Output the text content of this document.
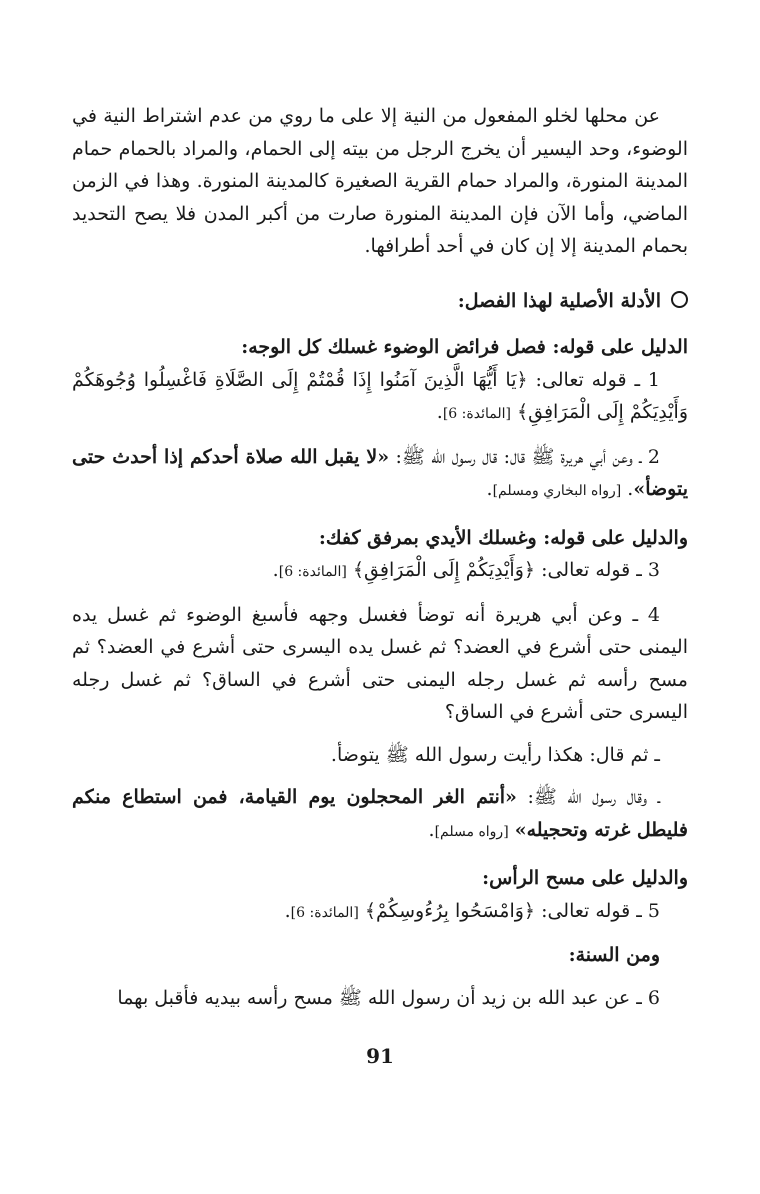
عن محلها لخلو المفعول من النية إلا على ما روي من عدم اشتراط النية في الوضوء، وحد اليسير أن يخرج الرجل من بيته إلى الحمام، والمراد بالحمام حمام المدينة المنورة، والمراد حمام القرية الصغيرة كالمدينة المنورة. وهذا في الزمن الماضي، وأما الآن فإن المدينة المنورة صارت من أكبر المدن فلا يصح التحديد بحمام المدينة إلا إن كان في أحد أطرافها.

الأدلة الأصلية لهذا الفصل:

الدليل على قوله: فصل فرائض الوضوء غسلك كل الوجه:

1 ـ قوله تعالى: ﴿يَا أَيُّهَا الَّذِينَ آمَنُوا إِذَا قُمْتُمْ إِلَى الصَّلَاةِ فَاغْسِلُوا وُجُوهَكُمْ وَأَيْدِيَكُمْ إِلَى الْمَرَافِقِ﴾ [المائدة: 6].

2 ـ وعن أبي هريرة ﷺ قال: قال رسول الله ﷺ: «لا يقبل الله صلاة أحدكم إذا أحدث حتى يتوضأ». [رواه البخاري ومسلم].

والدليل على قوله: وغسلك الأيدي بمرفق كفك:

3 ـ قوله تعالى: ﴿وَأَيْدِيَكُمْ إِلَى الْمَرَافِقِ﴾ [المائدة: 6].

4 ـ وعن أبي هريرة أنه توضأ فغسل وجهه فأسبغ الوضوء ثم غسل يده اليمنى حتى أشرع في العضد؟ ثم غسل يده اليسرى حتى أشرع في العضد؟ ثم مسح رأسه ثم غسل رجله اليمنى حتى أشرع في الساق؟ ثم غسل رجله اليسرى حتى أشرع في الساق؟

ـ ثم قال: هكذا رأيت رسول الله ﷺ يتوضأ.

ـ وقال رسول الله ﷺ: «أنتم الغر المحجلون يوم القيامة، فمن استطاع منكم فليطل غرته وتحجيله» [رواه مسلم].

والدليل على مسح الرأس:

5 ـ قوله تعالى: ﴿وَامْسَحُوا بِرُءُوسِكُمْ﴾ [المائدة: 6].

ومن السنة:

6 ـ عن عبد الله بن زيد أن رسول الله ﷺ مسح رأسه بيديه فأقبل بهما

91
